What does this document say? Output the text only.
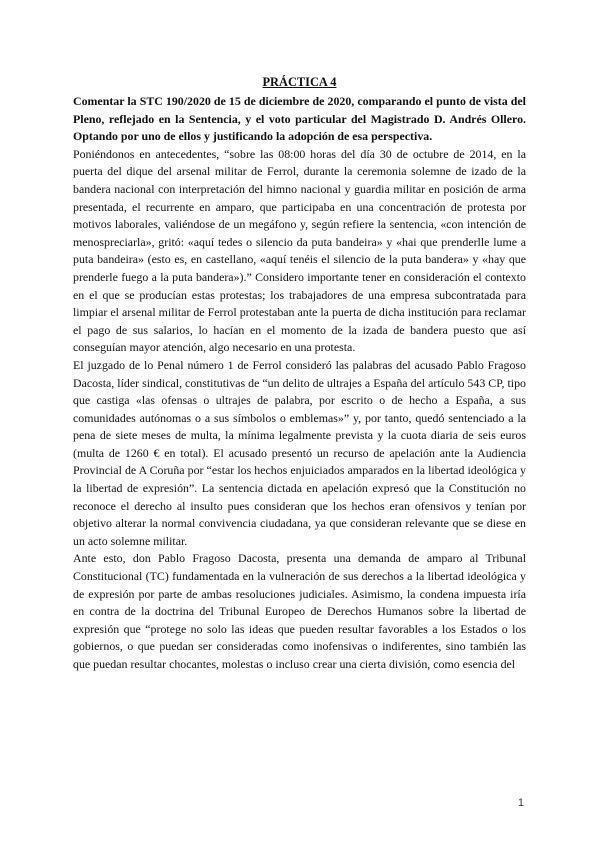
PRÁCTICA 4

Comentar la STC 190/2020 de 15 de diciembre de 2020, comparando el punto de vista del Pleno, reflejado en la Sentencia, y el voto particular del Magistrado D. Andrés Ollero. Optando por uno de ellos y justificando la adopción de esa perspectiva.

Poniéndonos en antecedentes, “sobre las 08:00 horas del día 30 de octubre de 2014, en la puerta del dique del arsenal militar de Ferrol, durante la ceremonia solemne de izado de la bandera nacional con interpretación del himno nacional y guardia militar en posición de arma presentada, el recurrente en amparo, que participaba en una concentración de protesta por motivos laborales, valiéndose de un megáfono y, según refiere la sentencia, «con intención de menospreciarla», gritó: «aquí tedes o silencio da puta bandeira» y «hai que prenderlle lume a puta bandeira» (esto es, en castellano, «aquí tenéis el silencio de la puta bandera» y «hay que prenderle fuego a la puta bandera»).” Considero importante tener en consideración el contexto en el que se producían estas protestas; los trabajadores de una empresa subcontratada para limpiar el arsenal militar de Ferrol protestaban ante la puerta de dicha institución para reclamar el pago de sus salarios, lo hacían en el momento de la izada de bandera puesto que así conseguían mayor atención, algo necesario en una protesta.

El juzgado de lo Penal número 1 de Ferrol consideró las palabras del acusado Pablo Fragoso Dacosta, líder sindical, constitutivas de “un delito de ultrajes a España del artículo 543 CP, tipo que castiga «las ofensas o ultrajes de palabra, por escrito o de hecho a España, a sus comunidades autónomas o a sus símbolos o emblemas»” y, por tanto, quedó sentenciado a la pena de siete meses de multa, la mínima legalmente prevista y la cuota diaria de seis euros (multa de 1260 € en total). El acusado presentó un recurso de apelación ante la Audiencia Provincial de A Coruña por “estar los hechos enjuiciados amparados en la libertad ideológica y la libertad de expresión”. La sentencia dictada en apelación expresó que la Constitución no reconoce el derecho al insulto pues consideran que los hechos eran ofensivos y tenían por objetivo alterar la normal convivencia ciudadana, ya que consideran relevante que se diese en un acto solemne militar.

Ante esto, don Pablo Fragoso Dacosta, presenta una demanda de amparo al Tribunal Constitucional (TC) fundamentada en la vulneración de sus derechos a la libertad ideológica y de expresión por parte de ambas resoluciones judiciales. Asimismo, la condena impuesta iría en contra de la doctrina del Tribunal Europeo de Derechos Humanos sobre la libertad de expresión que “protege no solo las ideas que pueden resultar favorables a los Estados o los gobiernos, o que puedan ser consideradas como inofensivas o indiferentes, sino también las que puedan resultar chocantes, molestas o incluso crear una cierta división, como esencia del

1
